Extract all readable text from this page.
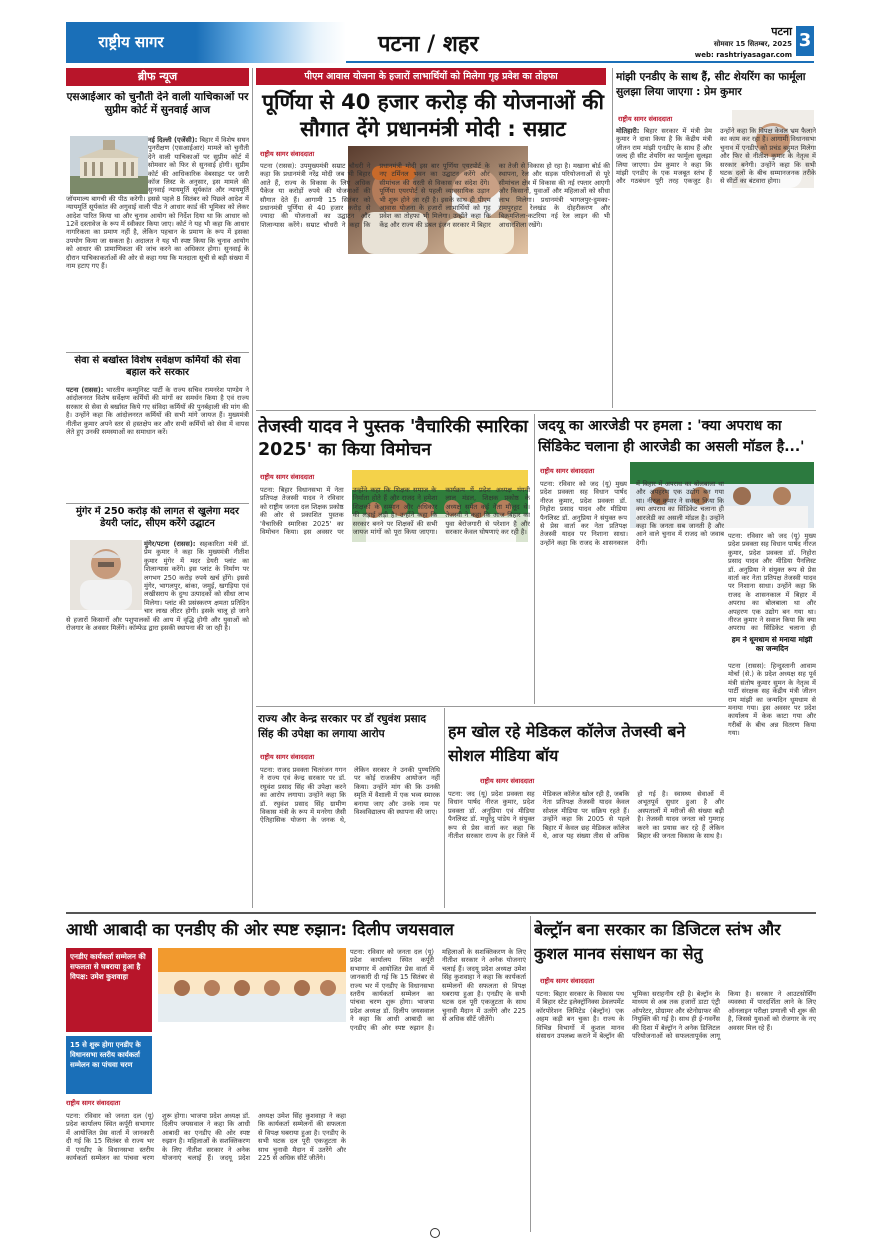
राष्ट्रीय सागर	पटना / शहर
पटना
सोमवार 15 सितम्बर, 2025
web: rashtriyasagar.com
3
ब्रीफ न्यूज
एसआईआर को चुनौती देने वाली याचिकाओं पर सुप्रीम कोर्ट में सुनवाई आज
नई दिल्ली (एजेंसी): बिहार में विशेष सघन पुनरीक्षण (एसआईआर) मामले को चुनौती देने वाली याचिकाओं पर सुप्रीम कोर्ट में सोमवार को फिर से सुनवाई होगी। सुप्रीम कोर्ट की आधिकारिक वेबसाइट पर जारी कॉज लिस्ट के अनुसार, इस मामले की सुनवाई न्यायमूर्ति सूर्यकांत और न्यायमूर्ति जॉयमाल्य बागची की पीठ करेगी। इससे पहले 8 सितंबर को पिछले आदेश में न्यायमूर्ति सूर्यकांत की अगुवाई वाली पीठ ने आधार कार्ड की भूमिका को लेकर आदेश पारित किया था और चुनाव आयोग को निर्देश दिया था कि आधार को 12वें दस्तावेज के रूप में स्वीकार किया जाए। कोर्ट ने यह भी कहा कि आधार नागरिकता का प्रमाण नहीं है, लेकिन पहचान के प्रमाण के रूप में इसका उपयोग किया जा सकता है। अदालत ने यह भी स्पष्ट किया कि चुनाव आयोग को आधार की प्रामाणिकता की जांच करने का अधिकार होगा। सुनवाई के दौरान याचिकाकर्ताओं की ओर से कहा गया कि मतदाता सूची से बड़ी संख्या में नाम हटाए गए हैं।
सेवा से बर्खास्त विशेष सर्वेक्षण कर्मियों की सेवा बहाल करे सरकार
पटना (रासस): भारतीय कम्युनिस्ट पार्टी के राज्य सचिव रामनरेश पाण्डेय ने आंदोलनरत विशेष सर्वेक्षण कर्मियों की मांगों का समर्थन किया है एवं राज्य सरकार से सेवा से बर्खास्त किये गए संविदा कर्मियों की पुनर्बहाली की मांग की है। उन्होंने कहा कि आंदोलनरत कर्मियों की सभी मांगे जायज हैं। मुख्यमंत्री नीतीश कुमार अपने स्तर से हस्तक्षेप कर और सभी कर्मियों को सेवा में वापस लेते हुए उनकी समस्याओं का समाधान करें।
मुंगेर में 250 करोड़ की लागत से खुलेगा मदर डेयरी प्लांट, सीएम करेंगे उद्घाटन
मुंगेर/पटना (रासस): सहकारिता मंत्री डॉ. प्रेम कुमार ने कहा कि मुख्यमंत्री नीतीश कुमार मुंगेर में मदर डेयरी प्लांट का शिलान्यास करेंगे। इस प्लांट के निर्माण पर लगभग 250 करोड़ रुपये खर्च होंगे। इससे मुंगेर, भागलपुर, बांका, जमुई, खगड़िया एवं लखीसराय के दुग्ध उत्पादकों को सीधा लाभ मिलेगा। प्लांट की प्रसंस्करण क्षमता प्रतिदिन चार लाख लीटर होगी। इसके चालू हो जाने से हजारों किसानों और पशुपालकों की आय में वृद्धि होगी और युवाओं को रोजगार के अवसर मिलेंगे। कॉम्फेड द्वारा इसकी स्थापना की जा रही है।
पीएम आवास योजना के हजारों लाभार्थियों को मिलेगा गृह प्रवेश का तोहफा
पूर्णिया से 40 हजार करोड़ की योजनाओं की सौगात देंगे प्रधानमंत्री मोदी : सम्राट
राष्ट्रीय सागर संवाददाता
पटना (रासस): उपमुख्यमंत्री सम्राट चौधरी ने कहा कि प्रधानमंत्री नरेंद्र मोदी जब भी बिहार आते हैं, राज्य के विकास के लिए अधिक पैकेज या करोड़ों रुपये की योजनाओं की सौगात देते हैं। आगामी 15 सितंबर को प्रधानमंत्री पूर्णिया से 40 हजार करोड़ से ज्यादा की योजनाओं का उद्घाटन और शिलान्यास करेंगे। सम्राट चौधरी ने कहा कि प्रधानमंत्री मोदी इस बार पूर्णिया एयरपोर्ट के नए टर्मिनल भवन का उद्घाटन करेंगे और सीमांचल की धरती से विकास का संदेश देंगे। पूर्णिया एयरपोर्ट से पहली व्यावसायिक उड़ान भी शुरू होने जा रही है। इसके साथ ही पीएम आवास योजना के हजारों लाभार्थियों को गृह प्रवेश का तोहफा भी मिलेगा। उन्होंने कहा कि केंद्र और राज्य की डबल इंजन सरकार में बिहार का तेजी से विकास हो रहा है। मखाना बोर्ड की स्थापना, रेल और सड़क परियोजनाओं से पूरे सीमांचल क्षेत्र में विकास की नई रफ्तार आएगी और किसानों, युवाओं और महिलाओं को सीधा लाभ मिलेगा। प्रधानमंत्री भागलपुर-दुमका-रामपुरहाट रेलखंड के दोहरीकरण और बिक्रमशिला-कटरिया नई रेल लाइन की भी आधारशिला रखेंगे।
मांझी एनडीए के साथ हैं, सीट शेयरिंग का फार्मूला सुलझा लिया जाएगा : प्रेम कुमार
राष्ट्रीय सागर संवाददाता
मोतिहारी: बिहार सरकार में मंत्री प्रेम कुमार ने दावा किया है कि केंद्रीय मंत्री जीतन राम मांझी एनडीए के साथ हैं और जल्द ही सीट शेयरिंग का फार्मूला सुलझा लिया जाएगा। प्रेम कुमार ने कहा कि मांझी एनडीए के एक मजबूत स्तंभ हैं और गठबंधन पूरी तरह एकजुट है। उन्होंने कहा कि विपक्ष केवल भ्रम फैलाने का काम कर रहा है। आगामी विधानसभा चुनाव में एनडीए को प्रचंड बहुमत मिलेगा और फिर से नीतीश कुमार के नेतृत्व में सरकार बनेगी। उन्होंने कहा कि सभी घटक दलों के बीच सम्मानजनक तरीके से सीटों का बंटवारा होगा।
तेजस्वी यादव ने पुस्तक 'वैचारिकी स्मारिका 2025' का किया विमोचन
राष्ट्रीय सागर संवाददाता
पटना: बिहार विधानसभा में नेता प्रतिपक्ष तेजस्वी यादव ने रविवार को राष्ट्रीय जनता दल शिक्षक प्रकोष्ठ की ओर से प्रकाशित पुस्तक 'वैचारिकी स्मारिका 2025' का विमोचन किया। इस अवसर पर उन्होंने कहा कि शिक्षक समाज के निर्माता होते हैं और राजद ने हमेशा शिक्षकों के सम्मान और अधिकार की लड़ाई लड़ी है। उन्होंने कहा कि सरकार बनने पर शिक्षकों की सभी जायज मांगों को पूरा किया जाएगा। कार्यक्रम में प्रदेश अध्यक्ष मंगनी लाल मंडल, शिक्षक प्रकोष्ठ के अध्यक्ष समेत कई नेता मौजूद थे। तेजस्वी ने कहा कि आज बिहार का युवा बेरोजगारी से परेशान है और सरकार केवल घोषणाएं कर रही है।
जदयू का आरजेडी पर हमला : 'क्या अपराध का सिंडिकेट चलाना ही आरजेडी का असली मॉडल है...'
राष्ट्रीय सागर संवाददाता
पटना: रविवार को जद (यू) मुख्य प्रदेश प्रवक्ता सह विधान पार्षद नीरज कुमार, प्रदेश प्रवक्ता डॉ. निहोरा प्रसाद यादव और मीडिया पैनलिस्ट डॉ. अनुप्रिया ने संयुक्त रूप से प्रेस वार्ता कर नेता प्रतिपक्ष तेजस्वी यादव पर निशाना साधा। उन्होंने कहा कि राजद के शासनकाल में बिहार में अपराध का बोलबाला था और अपहरण एक उद्योग बन गया था। नीरज कुमार ने सवाल किया कि क्या अपराध का सिंडिकेट चलाना ही आरजेडी का असली मॉडल है। उन्होंने कहा कि जनता सब जानती है और आने वाले चुनाव में राजद को जवाब देगी।
हम ने धूमधाम से मनाया मांझी का जन्मदिन
पटना (रासस): हिन्दुस्तानी आवाम मोर्चा (से.) के प्रदेश अध्यक्ष सह पूर्व मंत्री संतोष कुमार सुमन के नेतृत्व में पार्टी संरक्षक सह केंद्रीय मंत्री जीतन राम मांझी का जन्मदिन धूमधाम से मनाया गया। इस अवसर पर प्रदेश कार्यालय में केक काटा गया और गरीबों के बीच अन्न वितरण किया गया।
पटना: रविवार को जद (यू) मुख्य प्रदेश प्रवक्ता सह विधान पार्षद नीरज कुमार, प्रदेश प्रवक्ता डॉ. निहोरा प्रसाद यादव और मीडिया पैनलिस्ट डॉ. अनुप्रिया ने संयुक्त रूप से प्रेस वार्ता कर नेता प्रतिपक्ष तेजस्वी यादव पर निशाना साधा। उन्होंने कहा कि राजद के शासनकाल में बिहार में अपराध का बोलबाला था और अपहरण एक उद्योग बन गया था। नीरज कुमार ने सवाल किया कि क्या अपराध का सिंडिकेट चलाना ही
राज्य और केन्द्र सरकार पर डॉ रघुवंश प्रसाद सिंह की उपेक्षा का लगाया आरोप
राष्ट्रीय सागर संवाददाता
पटना: राजद प्रवक्ता चितरंजन गगन ने राज्य एवं केन्द्र सरकार पर डॉ. रघुवंश प्रसाद सिंह की उपेक्षा करने का आरोप लगाया। उन्होंने कहा कि डॉ. रघुवंश प्रसाद सिंह ग्रामीण विकास मंत्री के रूप में मनरेगा जैसी ऐतिहासिक योजना के जनक थे, लेकिन सरकार ने उनकी पुण्यतिथि पर कोई राजकीय आयोजन नहीं किया। उन्होंने मांग की कि उनकी स्मृति में वैशाली में एक भव्य स्मारक बनाया जाए और उनके नाम पर विश्वविद्यालय की स्थापना की जाए।
हम खोल रहे मेडिकल कॉलेज तेजस्वी बने सोशल मीडिया बॉय
राष्ट्रीय सागर संवाददाता
पटना: जद (यू) प्रदेश प्रवक्ता सह विधान पार्षद नीरज कुमार, प्रदेश प्रवक्ता डॉ. अनुप्रिया एवं मीडिया पैनलिस्ट डॉ. मधुरेंदु पांडेय ने संयुक्त रूप से प्रेस वार्ता कर कहा कि नीतीश सरकार राज्य के हर जिले में मेडिकल कॉलेज खोल रही है, जबकि नेता प्रतिपक्ष तेजस्वी यादव केवल सोशल मीडिया पर सक्रिय रहते हैं। उन्होंने कहा कि 2005 से पहले बिहार में केवल छह मेडिकल कॉलेज थे, आज यह संख्या तीस से अधिक हो गई है। स्वास्थ्य सेवाओं में अभूतपूर्व सुधार हुआ है और अस्पतालों में मरीजों की संख्या बढ़ी है। तेजस्वी यादव जनता को गुमराह करने का प्रयास कर रहे हैं लेकिन बिहार की जनता विकास के साथ है।
आधी आबादी का एनडीए की ओर स्पष्ट रुझान: दिलीप जयसवाल
एनडीए कार्यकर्ता सम्मेलन की सफलता से घबराया हुआ है विपक्ष: उमेश कुशवाहा
15 से शुरू होगा एनडीए के विधानसभा स्तरीय कार्यकर्ता सम्मेलन का पांचवा चरण
राष्ट्रीय सागर संवाददाता
पटना: रविवार को जनता दल (यू) प्रदेश कार्यालय स्थित कर्पूरी सभागार में आयोजित प्रेस वार्ता में जानकारी दी गई कि 15 सितंबर से राज्य भर में एनडीए के विधानसभा स्तरीय कार्यकर्ता सम्मेलन का पांचवा चरण शुरू होगा। भाजपा प्रदेश अध्यक्ष डॉ. दिलीप जयसवाल ने कहा कि आधी आबादी का एनडीए की ओर स्पष्ट रुझान है। महिलाओं के सशक्तिकरण के लिए नीतीश सरकार ने अनेक योजनाएं चलाई हैं। जदयू प्रदेश अध्यक्ष उमेश सिंह कुशवाहा ने कहा कि कार्यकर्ता सम्मेलनों की सफलता से विपक्ष घबराया हुआ है। एनडीए के सभी घटक दल पूरी एकजुटता के साथ चुनावी मैदान में उतरेंगे और 225 से अधिक सीटें जीतेंगे।
पटना: रविवार को जनता दल (यू) प्रदेश कार्यालय स्थित कर्पूरी सभागार में आयोजित प्रेस वार्ता में जानकारी दी गई कि 15 सितंबर से राज्य भर में एनडीए के विधानसभा स्तरीय कार्यकर्ता सम्मेलन का पांचवा चरण शुरू होगा। भाजपा प्रदेश अध्यक्ष डॉ. दिलीप जयसवाल ने कहा कि आधी आबादी का एनडीए की ओर स्पष्ट रुझान है। महिलाओं के सशक्तिकरण के लिए नीतीश सरकार ने अनेक योजनाएं चलाई हैं। जदयू प्रदेश अध्यक्ष उमेश सिंह कुशवाहा ने कहा कि कार्यकर्ता सम्मेलनों की सफलता से विपक्ष घबराया हुआ है। एनडीए के सभी घटक दल पूरी एकजुटता के साथ चुनावी मैदान में उतरेंगे और 225 से अधिक सीटें जीतेंगे।
बेल्ट्रॉन बना सरकार का डिजिटल स्तंभ और कुशल मानव संसाधन का सेतु
राष्ट्रीय सागर संवाददाता
पटना: बिहार सरकार के विकास पथ में बिहार स्टेट इलेक्ट्रॉनिक्स डेवलपमेंट कॉरपोरेशन लिमिटेड (बेल्ट्रॉन) एक अहम कड़ी बन चुका है। राज्य के विभिन्न विभागों में कुशल मानव संसाधन उपलब्ध कराने में बेल्ट्रॉन की भूमिका सराहनीय रही है। बेल्ट्रॉन के माध्यम से अब तक हजारों डाटा एंट्री ऑपरेटर, प्रोग्रामर और स्टेनोग्राफर की नियुक्ति की गई है। साथ ही ई-गवर्नेंस की दिशा में बेल्ट्रॉन ने अनेक डिजिटल परियोजनाओं को सफलतापूर्वक लागू किया है। सरकार ने आउटसोर्सिंग व्यवस्था में पारदर्शिता लाने के लिए ऑनलाइन परीक्षा प्रणाली भी शुरू की है, जिससे युवाओं को रोजगार के नए अवसर मिल रहे हैं।
